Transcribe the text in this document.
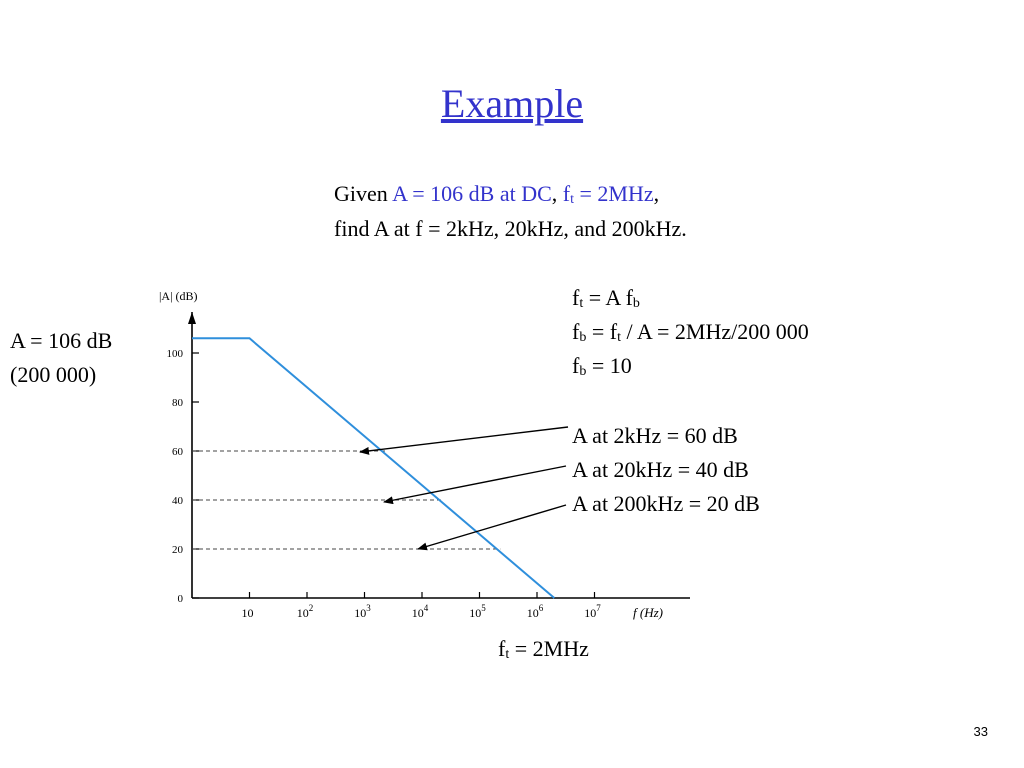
Example
Given A = 106 dB at DC, ft = 2MHz,
find A at f = 2kHz, 20kHz, and 200kHz.
A = 106 dB
(200 000)
ft = A fb
fb = ft / A = 2MHz/200 000
fb = 10
A at 2kHz = 60 dB
A at 20kHz = 40 dB
A at 200kHz = 20 dB
ft = 2MHz
33
0
20
40
60
80
100
10	$10^2$	$10^3$	$10^4$	$10^5$	$10^6$	$10^7$
|A| (dB)
f (Hz)
